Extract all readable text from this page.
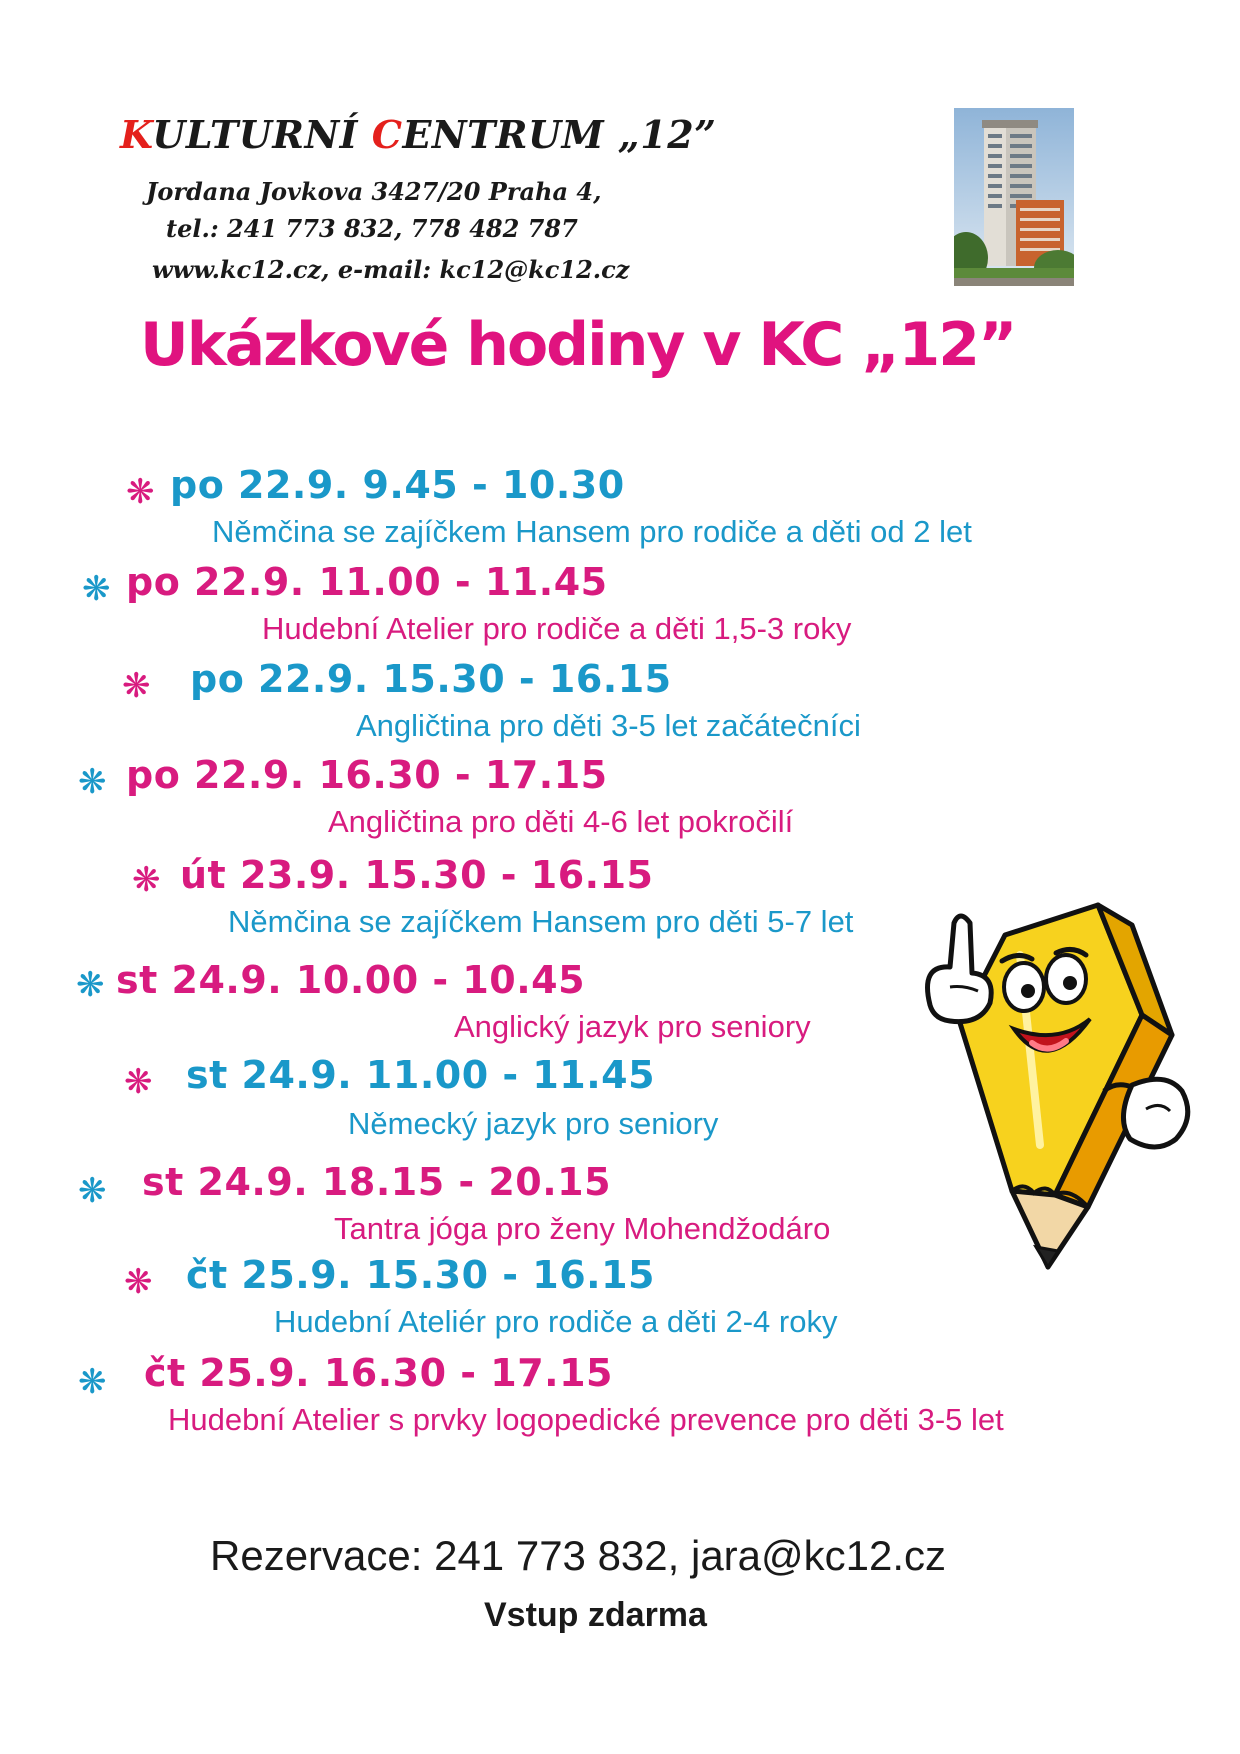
KULTURNÍ CENTRUM „12”
Jordana Jovkova 3427/20 Praha 4,
tel.: 241 773 832, 778 482 787
www.kc12.cz, e-mail: kc12@kc12.cz
Ukázkové hodiny v KC „12”
❋ po 22.9. 9.45 - 10.30
Němčina se zajíčkem Hansem pro rodiče a děti od 2 let
❋ po 22.9. 11.00 - 11.45
Hudební Atelier pro rodiče a děti 1,5-3 roky
❋ po 22.9. 15.30 - 16.15
Angličtina pro děti 3-5 let začátečníci
❋ po 22.9. 16.30 - 17.15
Angličtina pro děti 4-6 let pokročilí
❋ út 23.9. 15.30 - 16.15
Němčina se zajíčkem Hansem pro děti 5-7 let
❋ st 24.9. 10.00 - 10.45
Anglický jazyk pro seniory
❋ st 24.9. 11.00 - 11.45
Německý jazyk pro seniory
❋ st 24.9. 18.15 - 20.15
Tantra jóga pro ženy Mohendžodáro
❋ čt 25.9. 15.30 - 16.15
Hudební Ateliér pro rodiče a děti 2-4 roky
❋ čt 25.9. 16.30 - 17.15
Hudební Atelier s prvky logopedické prevence pro děti 3-5 let
Rezervace: 241 773 832, jara@kc12.cz
Vstup zdarma
